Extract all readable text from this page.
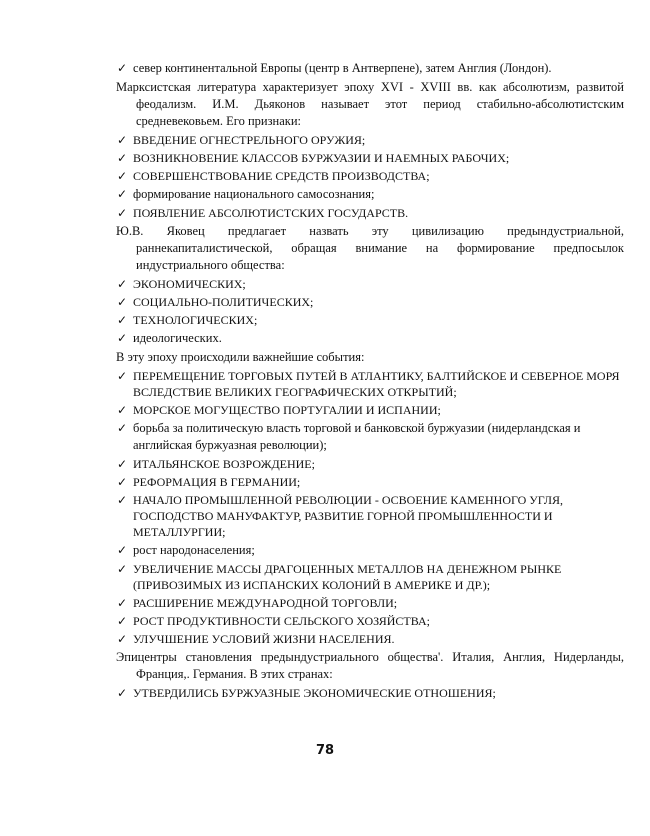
✓ север континентальной Европы (центр в Антверпене), затем Англия (Лондон).
Марксистская литература характеризует эпоху XVI - XVIII вв. как абсолютизм, развитой феодализм. И.М. Дьяконов называет этот период стабильно-абсолютистским средневековьем. Его признаки:
✓ ВВЕДЕНИЕ ОГНЕСТРЕЛЬНОГО ОРУЖИЯ;
✓ ВОЗНИКНОВЕНИЕ КЛАССОВ БУРЖУАЗИИ И НАЕМНЫХ РАБОЧИХ;
✓ СОВЕРШЕНСТВОВАНИЕ СРЕДСТВ ПРОИЗВОДСТВА;
✓ формирование национального самосознания;
✓ ПОЯВЛЕНИЕ АБСОЛЮТИСТСКИХ ГОСУДАРСТВ.
Ю.В. Яковец предлагает назвать эту цивилизацию предындустриальной, раннекапиталистической, обращая внимание на формирование предпосылок индустриального общества:
✓ ЭКОНОМИЧЕСКИХ;
✓ СОЦИАЛЬНО-ПОЛИТИЧЕСКИХ;
✓ ТЕХНОЛОГИЧЕСКИХ;
✓ идеологических.
В эту эпоху происходили важнейшие события:
✓ ПЕРЕМЕЩЕНИЕ ТОРГОВЫХ ПУТЕЙ В АТЛАНТИКУ, БАЛТИЙСКОЕ И СЕВЕРНОЕ МОРЯ ВСЛЕДСТВИЕ ВЕЛИКИХ ГЕОГРАФИЧЕСКИХ ОТКРЫТИЙ;
✓ МОРСКОЕ МОГУЩЕСТВО ПОРТУГАЛИИ И ИСПАНИИ;
✓ борьба за политическую власть торговой и банковской буржуазии (нидерландская и английская буржуазная революции);
✓ ИТАЛЬЯНСКОЕ ВОЗРОЖДЕНИЕ;
✓ РЕФОРМАЦИЯ В ГЕРМАНИИ;
✓ НАЧАЛО ПРОМЫШЛЕННОЙ РЕВОЛЮЦИИ - ОСВОЕНИЕ КАМЕННОГО УГЛЯ, ГОСПОДСТВО МАНУФАКТУР, РАЗВИТИЕ ГОРНОЙ ПРОМЫШЛЕННОСТИ И МЕТАЛЛУРГИИ;
✓ рост народонаселения;
✓ УВЕЛИЧЕНИЕ МАССЫ ДРАГОЦЕННЫХ МЕТАЛЛОВ НА ДЕНЕЖНОМ РЫНКЕ (ПРИВОЗИМЫХ ИЗ ИСПАНСКИХ КОЛОНИЙ В АМЕРИКЕ И ДР.);
✓ РАСШИРЕНИЕ МЕЖДУНАРОДНОЙ ТОРГОВЛИ;
✓ РОСТ ПРОДУКТИВНОСТИ СЕЛЬСКОГО ХОЗЯЙСТВА;
✓ УЛУЧШЕНИЕ УСЛОВИЙ ЖИЗНИ НАСЕЛЕНИЯ.
Эпицентры становления предындустриального общества'. Италия, Англия, Нидерланды, Франция,. Германия. В этих странах:
✓ УТВЕРДИЛИСЬ БУРЖУАЗНЫЕ ЭКОНОМИЧЕСКИЕ ОТНОШЕНИЯ;
78
